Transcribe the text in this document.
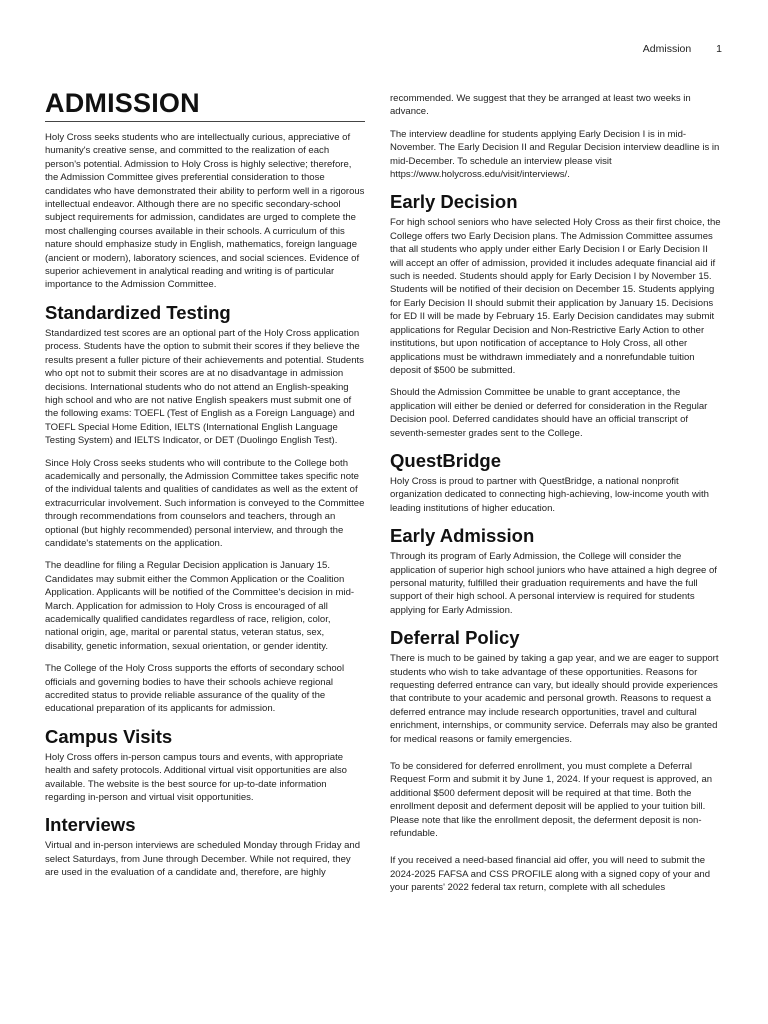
Admission 1
ADMISSION

Holy Cross seeks students who are intellectually curious, appreciative of humanity's creative sense, and committed to the realization of each person's potential. Admission to Holy Cross is highly selective; therefore, the Admission Committee gives preferential consideration to those candidates who have demonstrated their ability to perform well in a rigorous intellectual endeavor. Although there are no specific secondary-school subject requirements for admission, candidates are urged to complete the most challenging courses available in their schools. A curriculum of this nature should emphasize study in English, mathematics, foreign language (ancient or modern), laboratory sciences, and social sciences. Evidence of superior achievement in analytical reading and writing is of particular importance to the Admission Committee.

Standardized Testing

Standardized test scores are an optional part of the Holy Cross application process. Students have the option to submit their scores if they believe the results present a fuller picture of their achievements and potential. Students who opt not to submit their scores are at no disadvantage in admission decisions. International students who do not attend an English-speaking high school and who are not native English speakers must submit one of the following exams: TOEFL (Test of English as a Foreign Language) and TOEFL Special Home Edition, IELTS (International English Language Testing System) and IELTS Indicator, or DET (Duolingo English Test).

Since Holy Cross seeks students who will contribute to the College both academically and personally, the Admission Committee takes specific note of the individual talents and qualities of candidates as well as the extent of extracurricular involvement. Such information is conveyed to the Committee through recommendations from counselors and teachers, through an optional (but highly recommended) personal interview, and through the candidate's statements on the application.

The deadline for filing a Regular Decision application is January 15. Candidates may submit either the Common Application or the Coalition Application. Applicants will be notified of the Committee's decision in mid-March. Application for admission to Holy Cross is encouraged of all academically qualified candidates regardless of race, religion, color, national origin, age, marital or parental status, veteran status, sex, disability, genetic information, sexual orientation, or gender identity.

The College of the Holy Cross supports the efforts of secondary school officials and governing bodies to have their schools achieve regional accredited status to provide reliable assurance of the quality of the educational preparation of its applicants for admission.

Campus Visits

Holy Cross offers in-person campus tours and events, with appropriate health and safety protocols. Additional virtual visit opportunities are also available. The website is the best source for up-to-date information regarding in-person and virtual visit opportunities.

Interviews

Virtual and in-person interviews are scheduled Monday through Friday and select Saturdays, from June through December. While not required, they are used in the evaluation of a candidate and, therefore, are highly

recommended. We suggest that they be arranged at least two weeks in advance.

The interview deadline for students applying Early Decision I is in mid-November. The Early Decision II and Regular Decision interview deadline is in mid-December. To schedule an interview please visit https://www.holycross.edu/visit/interviews/.

Early Decision

For high school seniors who have selected Holy Cross as their first choice, the College offers two Early Decision plans. The Admission Committee assumes that all students who apply under either Early Decision I or Early Decision II will accept an offer of admission, provided it includes adequate financial aid if such is needed. Students should apply for Early Decision I by November 15. Students will be notified of their decision on December 15. Students applying for Early Decision II should submit their application by January 15. Decisions for ED II will be made by February 15. Early Decision candidates may submit applications for Regular Decision and Non-Restrictive Early Action to other institutions, but upon notification of acceptance to Holy Cross, all other applications must be withdrawn immediately and a nonrefundable tuition deposit of $500 be submitted.

Should the Admission Committee be unable to grant acceptance, the application will either be denied or deferred for consideration in the Regular Decision pool. Deferred candidates should have an official transcript of seventh-semester grades sent to the College.

QuestBridge

Holy Cross is proud to partner with QuestBridge, a national nonprofit organization dedicated to connecting high-achieving, low-income youth with leading institutions of higher education.

Early Admission

Through its program of Early Admission, the College will consider the application of superior high school juniors who have attained a high degree of personal maturity, fulfilled their graduation requirements and have the full support of their high school. A personal interview is required for students applying for Early Admission.

Deferral Policy

There is much to be gained by taking a gap year, and we are eager to support students who wish to take advantage of these opportunities. Reasons for requesting deferred entrance can vary, but ideally should provide experiences that contribute to your academic and personal growth. Reasons to request a deferred entrance may include research opportunities, travel and cultural enrichment, internships, or community service. Deferrals may also be granted for medical reasons or family emergencies.

To be considered for deferred enrollment, you must complete a Deferral Request Form and submit it by June 1, 2024. If your request is approved, an additional $500 deferment deposit will be required at that time. Both the enrollment deposit and deferment deposit will be applied to your tuition bill. Please note that like the enrollment deposit, the deferment deposit is non-refundable.

If you received a need-based financial aid offer, you will need to submit the 2024-2025 FAFSA and CSS PROFILE along with a signed copy of your and your parents' 2022 federal tax return, complete with all schedules
